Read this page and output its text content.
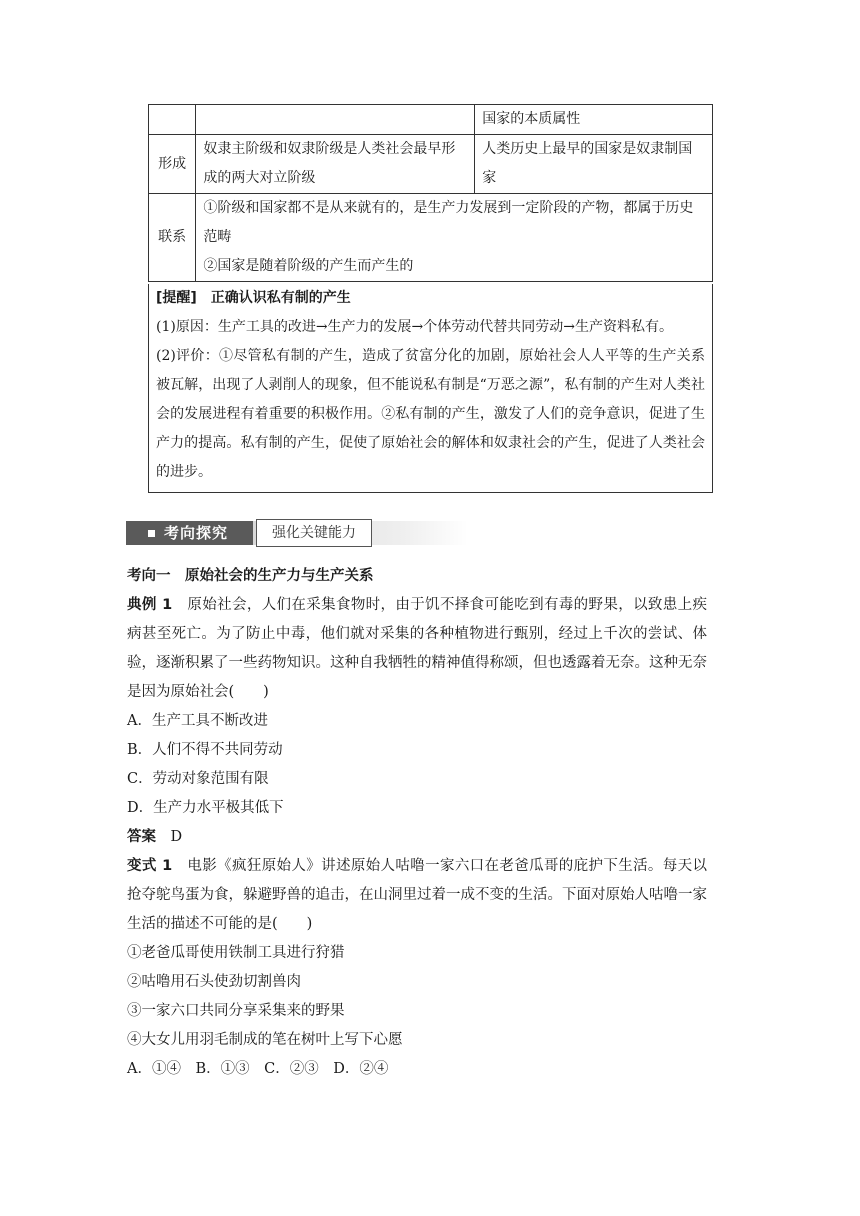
		国家的本质属性
形成	奴隶主阶级和奴隶阶级是人类社会最早形成的两大对立阶级	人类历史上最早的国家是奴隶制国家
联系	①阶级和国家都不是从来就有的，是生产力发展到一定阶段的产物，都属于历史范畴
②国家是随着阶级的产生而产生的	

[提醒]　 正确认识私有制的产生

(1)原因：生产工具的改进→生产力的发展→个体劳动代替共同劳动→生产资料私有。

(2)评价：①尽管私有制的产生，造成了贫富分化的加剧，原始社会人人平等的生产关系被瓦解，出现了人剥削人的现象，但不能说私有制是“万恶之源”，私有制的产生对人类社会的发展进程有着重要的积极作用。②私有制的产生，激发了人们的竞争意识，促进了生产力的提高。私有制的产生，促使了原始社会的解体和奴隶社会的产生，促进了人类社会的进步。

考向探究	强化关键能力

考向一　原始社会的生产力与生产关系

典例 1　 原始社会，人们在采集食物时，由于饥不择食可能吃到有毒的野果，以致患上疾病甚至死亡。为了防止中毒，他们就对采集的各种植物进行甄别，经过上千次的尝试、体验，逐渐积累了一些药物知识。这种自我牺牲的精神值得称颂，但也透露着无奈。这种无奈是因为原始社会(　　)

A．生产工具不断改进

B．人们不得不共同劳动

C．劳动对象范围有限

D．生产力水平极其低下

答案　 D

变式 1　 电影《疯狂原始人》讲述原始人咕噜一家六口在老爸瓜哥的庇护下生活。每天以抢夺鸵鸟蛋为食，躲避野兽的追击，在山洞里过着一成不变的生活。下面对原始人咕噜一家生活的描述不可能的是(　　)

①老爸瓜哥使用铁制工具进行狩猎

②咕噜用石头使劲切割兽肉

③一家六口共同分享采集来的野果

④大女儿用羽毛制成的笔在树叶上写下心愿

A．①④　B．①③　C．②③　D．②④
